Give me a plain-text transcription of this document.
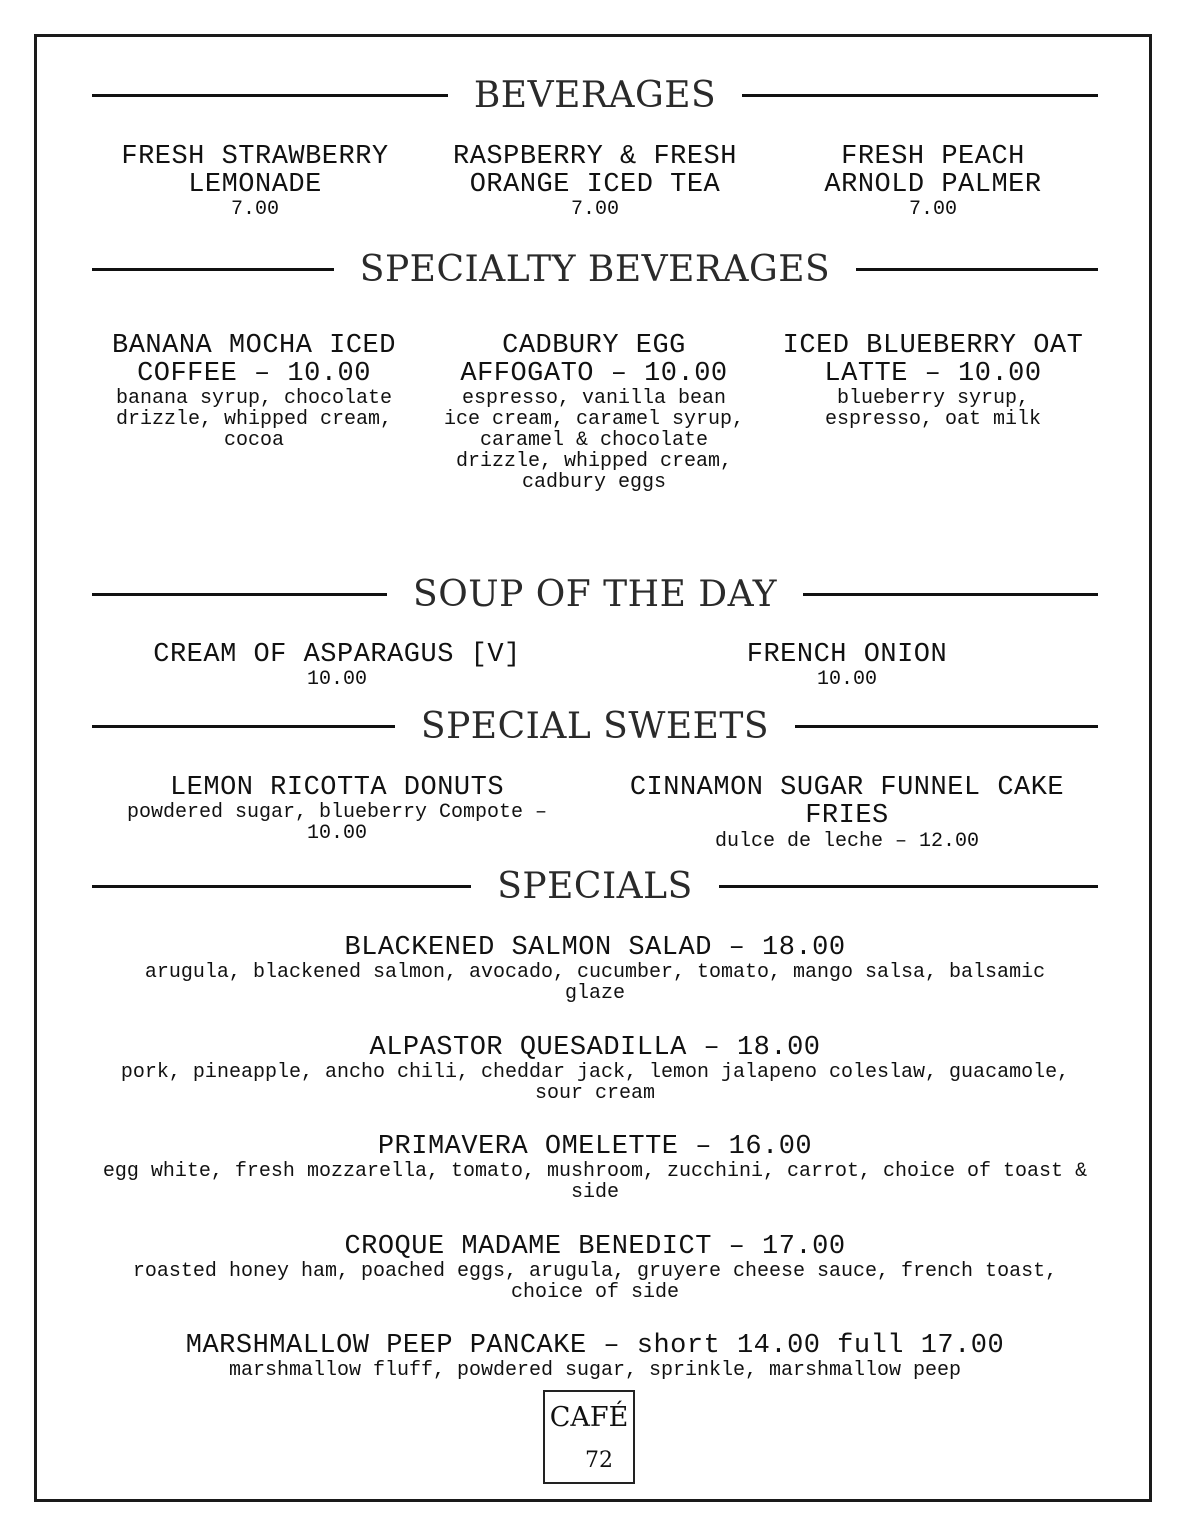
BEVERAGES
FRESH STRAWBERRY LEMONADE
7.00
RASPBERRY & FRESH ORANGE ICED TEA
7.00
FRESH PEACH ARNOLD PALMER
7.00
SPECIALTY BEVERAGES
BANANA MOCHA ICED COFFEE – 10.00
banana syrup, chocolate drizzle, whipped cream, cocoa
CADBURY EGG AFFOGATO – 10.00
espresso, vanilla bean ice cream, caramel syrup, caramel & chocolate drizzle, whipped cream, cadbury eggs
ICED BLUEBERRY OAT LATTE – 10.00
blueberry syrup, espresso, oat milk
SOUP OF THE DAY
CREAM OF ASPARAGUS [V]
10.00
FRENCH ONION
10.00
SPECIAL SWEETS
LEMON RICOTTA DONUTS
powdered sugar, blueberry Compote – 10.00
CINNAMON SUGAR FUNNEL CAKE FRIES
dulce de leche – 12.00
SPECIALS
BLACKENED SALMON SALAD – 18.00
arugula, blackened salmon, avocado, cucumber, tomato, mango salsa, balsamic glaze
ALPASTOR QUESADILLA – 18.00
pork, pineapple, ancho chili, cheddar jack, lemon jalapeno coleslaw, guacamole, sour cream
PRIMAVERA OMELETTE – 16.00
egg white, fresh mozzarella, tomato, mushroom, zucchini, carrot, choice of toast & side
CROQUE MADAME BENEDICT – 17.00
roasted honey ham, poached eggs, arugula, gruyere cheese sauce, french toast, choice of side
MARSHMALLOW PEEP PANCAKE – short 14.00 full 17.00
marshmallow fluff, powdered sugar, sprinkle, marshmallow peep
CAFÉ
72
